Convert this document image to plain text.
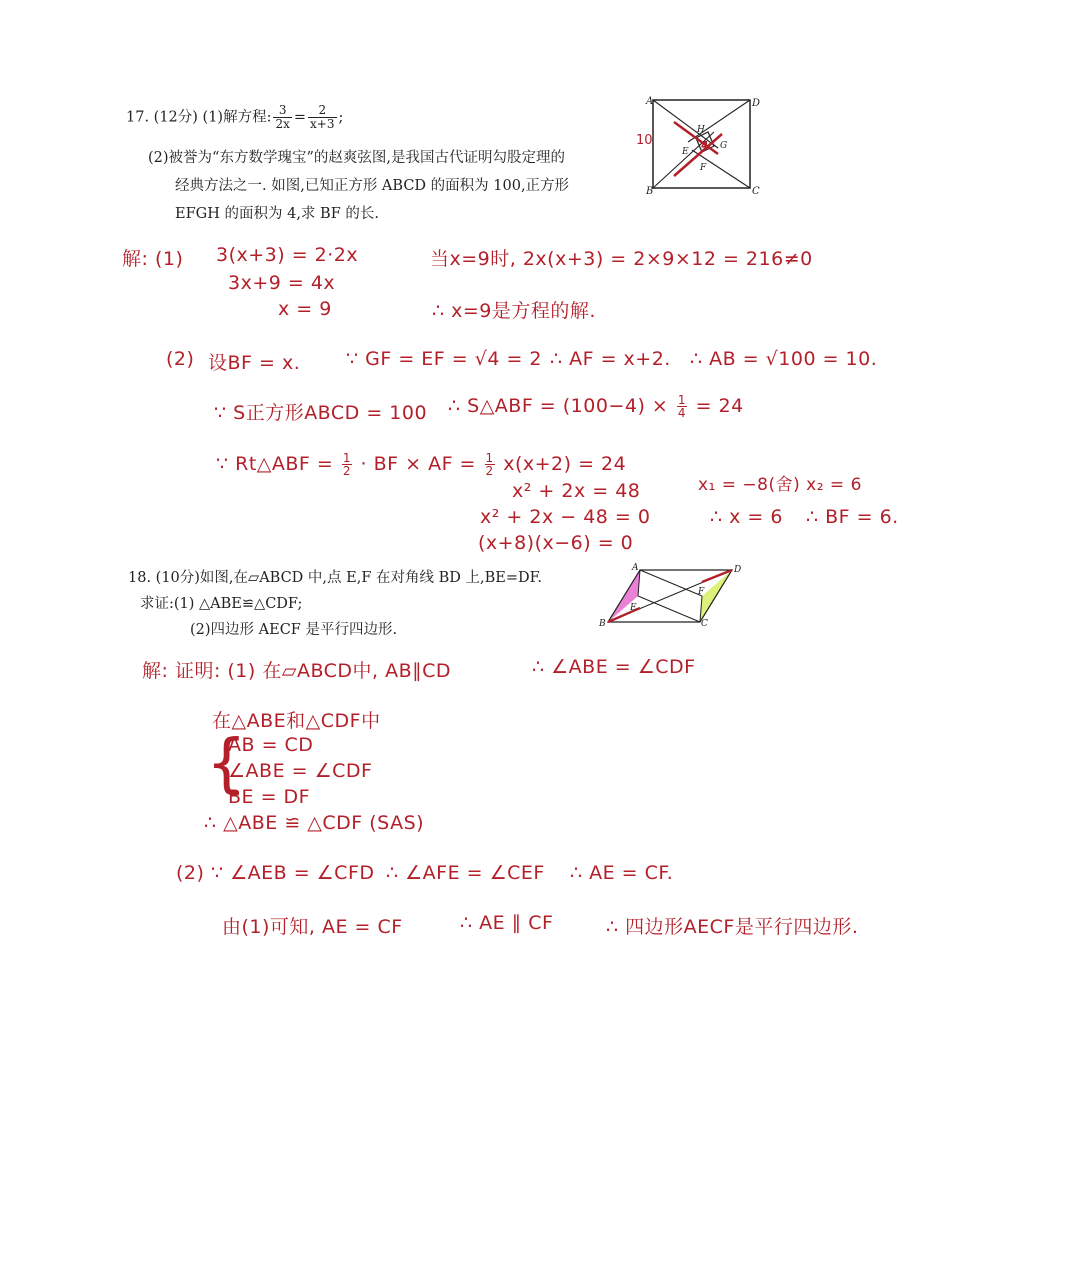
17. (12分) (1)解方程: $\frac{3}{2x} = \frac{2}{x+3}$ ;
(2)被誉为“东方数学瑰宝”的赵爽弦图,是我国古代证明勾股定理的
经典方法之一. 如图,已知正方形 ABCD 的面积为 100,正方形
EFGH 的面积为 4,求 BF 的长.
A	D
B	C
E
F
G
H
10	4
解: (1) 3(x+3) = 2·2x
3x+9 = 4x
x = 9
当x=9时, 2x(x+3) = 2×9×12 = 216≠0
∴ x=9是方程的解.
(2) 设BF = x. ∵ GF = EF = √4 = 2 ∴ AF = x+2. ∴ AB = √100 = 10.
∵ S正方形ABCD = 100 ∴ S△ABF = $(100-4) \times \frac{1}{4} = 24$
∵ Rt△ABF = $\frac{1}{2}$ · BF × AF = $\frac{1}{2} x(x+2) = 24$
x² + 2x = 48
x² + 2x − 48 = 0
(x+8)(x−6) = 0
x₁ = −8(舍) x₂ = 6
∴ x = 6 ∴ BF = 6.
18. (10分)如图,在▱ABCD 中,点 E,F 在对角线 BD 上,BE=DF.
求证:(1) △ABE≌△CDF;
(2)四边形 AECF 是平行四边形.
A	D
B	C
E
F
解: 证明: (1) 在▱ABCD中, AB∥CD	∴ ∠ABE = ∠CDF
在△ABE和△CDF中
{
AB = CD
∠ABE = ∠CDF
BE = DF
∴ △ABE ≌ △CDF (SAS)
(2) ∵ ∠AEB = ∠CFD ∴ ∠AFE = ∠CEF ∴ AE = CF.
由(1)可知, AE = CF	∴ AE ∥ CF	∴ 四边形AECF是平行四边形.
